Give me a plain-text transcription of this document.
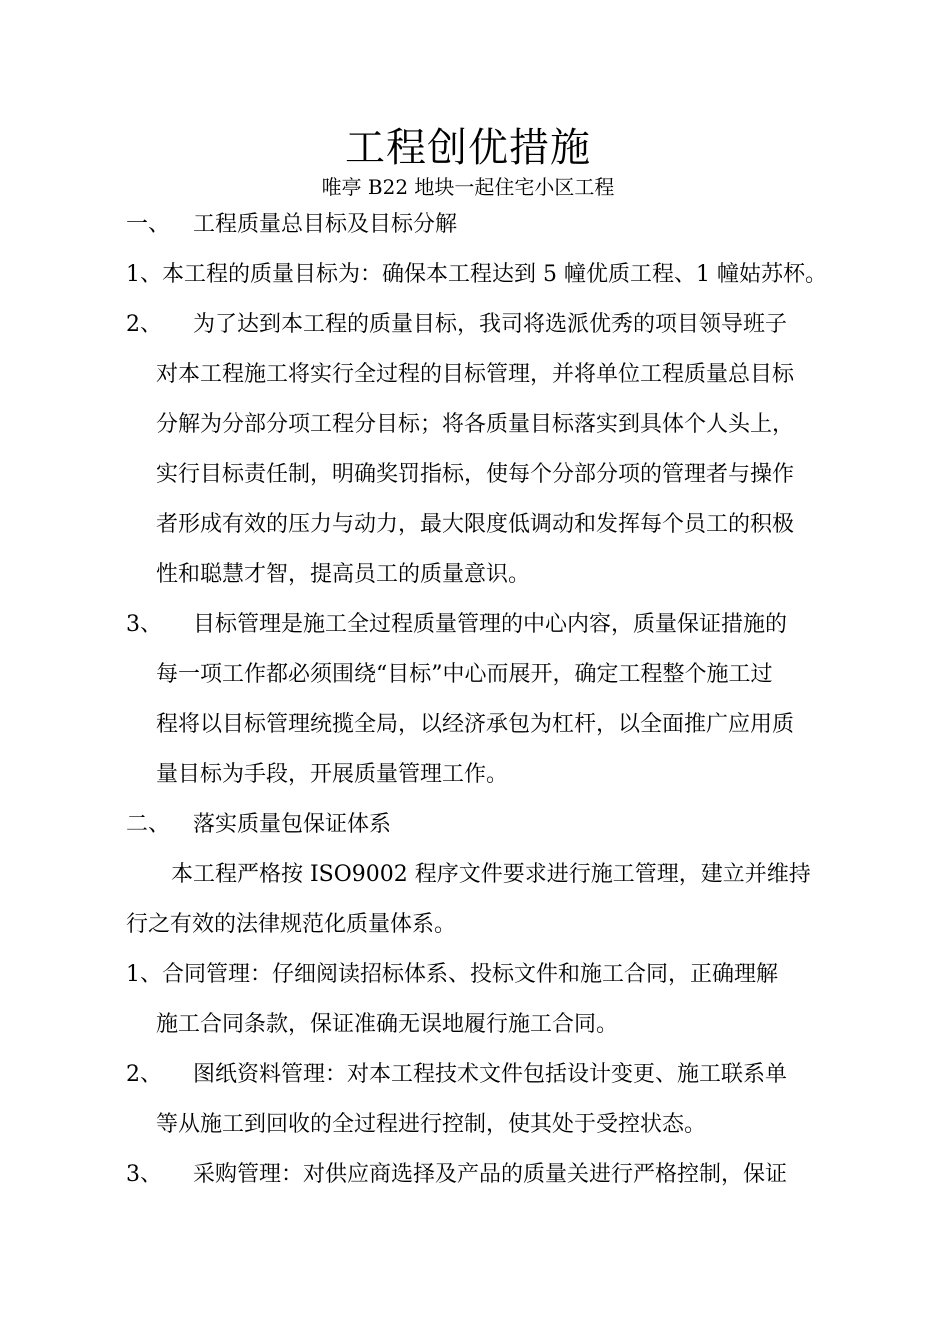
工程创优措施
唯亭 B22 地块一起住宅小区工程
一、 工程质量总目标及目标分解
1、本工程的质量目标为：确保本工程达到 5 幢优质工程、1 幢姑苏杯。
2、 为了达到本工程的质量目标，我司将选派优秀的项目领导班子
对本工程施工将实行全过程的目标管理，并将单位工程质量总目标
分解为分部分项工程分目标；将各质量目标落实到具体个人头上，
实行目标责任制，明确奖罚指标，使每个分部分项的管理者与操作
者形成有效的压力与动力，最大限度低调动和发挥每个员工的积极
性和聪慧才智，提高员工的质量意识。
3、 目标管理是施工全过程质量管理的中心内容，质量保证措施的
每一项工作都必须围绕“目标”中心而展开，确定工程整个施工过
程将以目标管理统揽全局，以经济承包为杠杆，以全面推广应用质
量目标为手段，开展质量管理工作。
二、 落实质量包保证体系
本工程严格按 ISO9002 程序文件要求进行施工管理，建立并维持
行之有效的法律规范化质量体系。
1、合同管理：仔细阅读招标体系、投标文件和施工合同，正确理解
施工合同条款，保证准确无误地履行施工合同。
2、 图纸资料管理：对本工程技术文件包括设计变更、施工联系单
等从施工到回收的全过程进行控制，使其处于受控状态。
3、 采购管理：对供应商选择及产品的质量关进行严格控制，保证
